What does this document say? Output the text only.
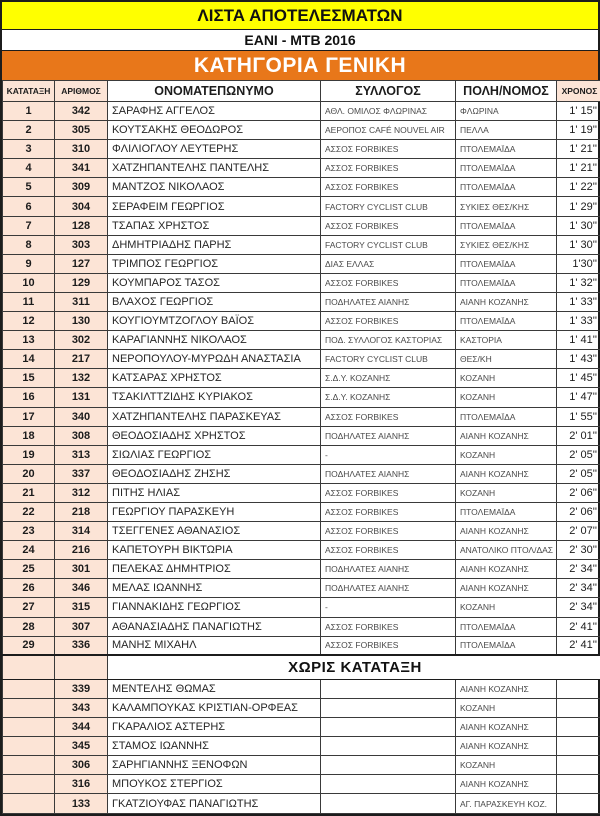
ΛΙΣΤΑ ΑΠΟΤΕΛΕΣΜΑΤΩΝ
EANI - MTB 2016
ΚΑΤΗΓΟΡΙΑ ΓΕΝΙΚΗ
ΚΑΤΑΤΑΞΗ	ΑΡΙΘΜΟΣ	ΟΝΟΜΑΤΕΠΩΝΥΜΟ	ΣΥΛΛΟΓΟΣ	ΠΟΛΗ/ΝΟΜΟΣ	ΧΡΟΝΟΣ
1	342	ΣΑΡΑΦΗΣ ΑΓΓΕΛΟΣ	ΑΘΛ. ΟΜΙΛΟΣ ΦΛΩΡΙΝΑΣ	ΦΛΩΡΙΝΑ	1' 15''
2	305	ΚΟΥΤΣΑΚΗΣ ΘΕΟΔΩΡΟΣ	ΑΕΡΟΠΟΣ CAFÉ NOUVEL AIR	ΠΕΛΛΑ	1' 19''
3	310	ΦΛΙΛΙΟΓΛΟΥ ΛΕΥΤΕΡΗΣ	ΑΣΣΟΣ FORBIKES	ΠΤΟΛΕΜΑΪΔΑ	1' 21''
4	341	ΧΑΤΖΗΠΑΝΤΕΛΗΣ ΠΑΝΤΕΛΗΣ	ΑΣΣΟΣ FORBIKES	ΠΤΟΛΕΜΑΪΔΑ	1' 21''
5	309	ΜΑΝΤΖΟΣ ΝΙΚΟΛΑΟΣ	ΑΣΣΟΣ FORBIKES	ΠΤΟΛΕΜΑΪΔΑ	1' 22''
6	304	ΣΕΡΑΦΕΙΜ ΓΕΩΡΓΙΟΣ	FACTORY CYCLIST CLUB	ΣΥΚΙΕΣ ΘΕΣ/ΚΗΣ	1' 29''
7	128	ΤΣΑΠΑΣ ΧΡΗΣΤΟΣ	ΑΣΣΟΣ FORBIKES	ΠΤΟΛΕΜΑΪΔΑ	1' 30''
8	303	ΔΗΜΗΤΡΙΑΔΗΣ ΠΑΡΗΣ	FACTORY CYCLIST CLUB	ΣΥΚΙΕΣ ΘΕΣ/ΚΗΣ	1' 30''
9	127	ΤΡΙΜΠΟΣ ΓΕΩΡΓΙΟΣ	ΔΙΑΣ ΕΛΛΑΣ	ΠΤΟΛΕΜΑΪΔΑ	1'30''
10	129	ΚΟΥΜΠΑΡΟΣ ΤΑΣΟΣ	ΑΣΣΟΣ FORBIKES	ΠΤΟΛΕΜΑΪΔΑ	1' 32''
11	311	ΒΛΑΧΟΣ ΓΕΩΡΓΙΟΣ	ΠΟΔΗΛΑΤΕΣ ΑΙΑΝΗΣ	ΑΙΑΝΗ ΚΟΖΑΝΗΣ	1' 33''
12	130	ΚΟΥΓΙΟΥΜΤΖΟΓΛΟΥ ΒΑΪΟΣ	ΑΣΣΟΣ FORBIKES	ΠΤΟΛΕΜΑΪΔΑ	1' 33''
13	302	ΚΑΡΑΓΙΑΝΝΗΣ ΝΙΚΟΛΑΟΣ	ΠΟΔ. ΣΥΛΛΟΓΟΣ ΚΑΣΤΟΡΙΑΣ	ΚΑΣΤΟΡΙΑ	1' 41''
14	217	ΝΕΡΟΠΟΥΛΟΥ-ΜΥΡΩΔΗ ΑΝΑΣΤΑΣΙΑ	FACTORY CYCLIST CLUB	ΘΕΣ/ΚΗ	1' 43''
15	132	ΚΑΤΣΑΡΑΣ ΧΡΗΣΤΟΣ	Σ.Δ.Υ. ΚΟΖΑΝΗΣ	ΚΟΖΑΝΗ	1' 45''
16	131	ΤΣΑΚΙΛΤΤΖΙΔΗΣ ΚΥΡΙΑΚΟΣ	Σ.Δ.Υ. ΚΟΖΑΝΗΣ	ΚΟΖΑΝΗ	1' 47''
17	340	ΧΑΤΖΗΠΑΝΤΕΛΗΣ ΠΑΡΑΣΚΕΥΑΣ	ΑΣΣΟΣ FORBIKES	ΠΤΟΛΕΜΑΪΔΑ	1' 55''
18	308	ΘΕΟΔΟΣΙΑΔΗΣ ΧΡΗΣΤΟΣ	ΠΟΔΗΛΑΤΕΣ ΑΙΑΝΗΣ	ΑΙΑΝΗ ΚΟΖΑΝΗΣ	2' 01''
19	313	ΣΙΩΛΙΑΣ ΓΕΩΡΓΙΟΣ	-	ΚΟΖΑΝΗ	2' 05''
20	337	ΘΕΟΔΟΣΙΑΔΗΣ ΖΗΣΗΣ	ΠΟΔΗΛΑΤΕΣ ΑΙΑΝΗΣ	ΑΙΑΝΗ ΚΟΖΑΝΗΣ	2' 05''
21	312	ΠΙΤΗΣ ΗΛΙΑΣ	ΑΣΣΟΣ FORBIKES	ΚΟΖΑΝΗ	2' 06''
22	218	ΓΕΩΡΓΙΟΥ ΠΑΡΑΣΚΕΥΗ	ΑΣΣΟΣ FORBIKES	ΠΤΟΛΕΜΑΪΔΑ	2' 06''
23	314	ΤΣΕΓΓΕΝΕΣ ΑΘΑΝΑΣΙΟΣ	ΑΣΣΟΣ FORBIKES	ΑΙΑΝΗ ΚΟΖΑΝΗΣ	2' 07''
24	216	ΚΑΠΕΤΟΥΡΗ ΒΙΚΤΩΡΙΑ	ΑΣΣΟΣ FORBIKES	ΑΝΑΤΟΛΙΚΟ ΠΤΟΛ/ΔΑΣ	2' 30''
25	301	ΠΕΛΕΚΑΣ ΔΗΜΗΤΡΙΟΣ	ΠΟΔΗΛΑΤΕΣ ΑΙΑΝΗΣ	ΑΙΑΝΗ ΚΟΖΑΝΗΣ	2' 34''
26	346	ΜΕΛΑΣ ΙΩΑΝΝΗΣ	ΠΟΔΗΛΑΤΕΣ ΑΙΑΝΗΣ	ΑΙΑΝΗ ΚΟΖΑΝΗΣ	2' 34''
27	315	ΓΙΑΝΝΑΚΙΔΗΣ ΓΕΩΡΓΙΟΣ	-	ΚΟΖΑΝΗ	2' 34''
28	307	ΑΘΑΝΑΣΙΑΔΗΣ ΠΑΝΑΓΙΩΤΗΣ	ΑΣΣΟΣ FORBIKES	ΠΤΟΛΕΜΑΪΔΑ	2' 41''
29	336	ΜΑΝΗΣ ΜΙΧΑΗΛ	ΑΣΣΟΣ FORBIKES	ΠΤΟΛΕΜΑΪΔΑ	2' 41''
		ΧΩΡΙΣ ΚΑΤΑΤΑΞΗ			
	339	ΜΕΝΤΕΛΗΣ ΘΩΜΑΣ		ΑΙΑΝΗ ΚΟΖΑΝΗΣ	
	343	ΚΑΛΑΜΠΟΥΚΑΣ ΚΡΙΣΤΙΑΝ-ΟΡΦΕΑΣ		ΚΟΖΑΝΗ	
	344	ΓΚΑΡΑΛΙΟΣ ΑΣΤΕΡΗΣ		ΑΙΑΝΗ ΚΟΖΑΝΗΣ	
	345	ΣΤΑΜΟΣ ΙΩΑΝΝΗΣ		ΑΙΑΝΗ ΚΟΖΑΝΗΣ	
	306	ΣΑΡΗΓΙΑΝΝΗΣ ΞΕΝΟΦΩΝ		ΚΟΖΑΝΗ	
	316	ΜΠΟΥΚΟΣ ΣΤΕΡΓΙΟΣ		ΑΙΑΝΗ ΚΟΖΑΝΗΣ	
	133	ΓΚΑΤΖΙΟΥΦΑΣ ΠΑΝΑΓΙΩΤΗΣ		ΑΓ. ΠΑΡΑΣΚΕΥΗ ΚΟΖ.	
